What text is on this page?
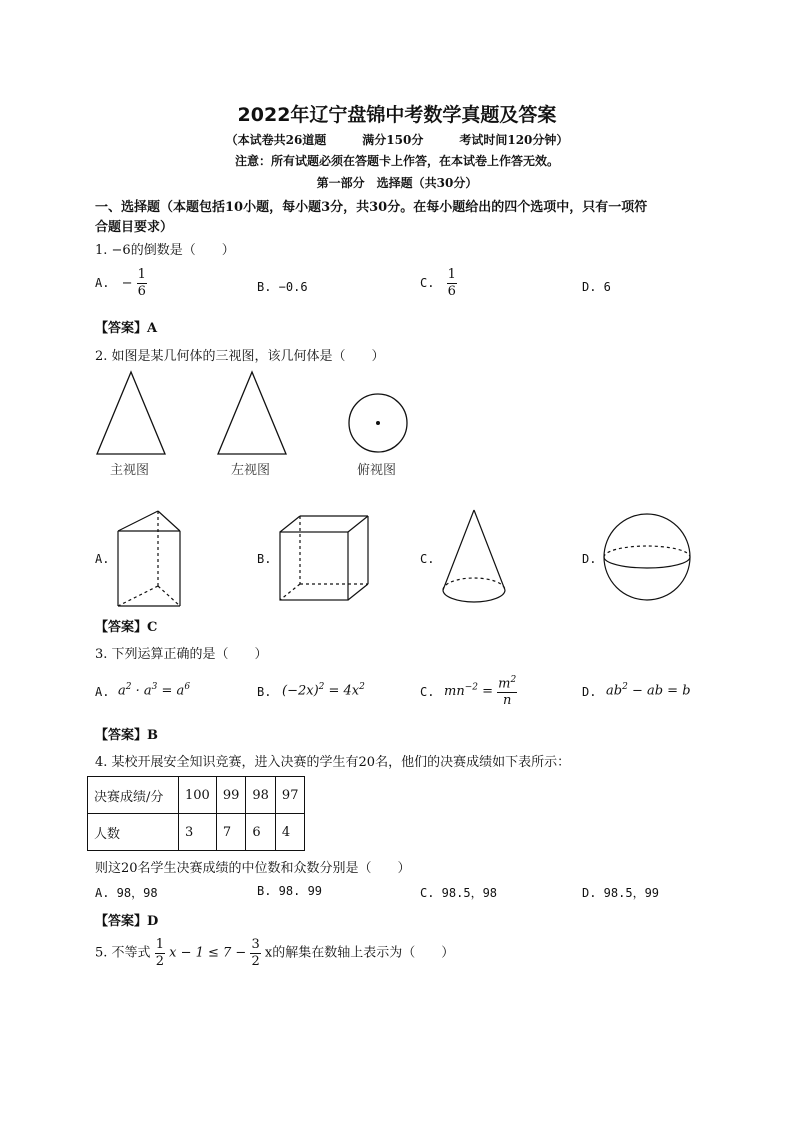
2022年辽宁盘锦中考数学真题及答案
（本试卷共26道题　　　满分150分　　　考试时间120分钟）
注意：所有试题必须在答题卡上作答，在本试卷上作答无效。
第一部分　选择题（共30分）
一、选择题（本题包括10小题，每小题3分，共30分。在每小题给出的四个选项中，只有一项符
合题目要求）
1. −6的倒数是（　　）
A. − $\frac{1}{6}$	B. −0.6	C. $\frac{1}{6}$	D. 6
【答案】A
2. 如图是某几何体的三视图，该几何体是（　　）
主视图	左视图	俯视图
A.	B.	C.	D.
【答案】C
3. 下列运算正确的是（　　）
A. $a^2 \cdot a^3 = a^6$	B. $(-2x)^2 = 4x^2$	C. $mn^{-2} = \frac{m^2}{n}$	D. $ab^2$ − ab = b
【答案】B
4. 某校开展安全知识竞赛，进入决赛的学生有20名，他们的决赛成绩如下表所示：
决赛成绩/分	100	99	98	97
人数	3	7	6	4
则这20名学生决赛成绩的中位数和众数分别是（　　）
A. 98，98	B. 98. 99	C. 98.5，98	D. 98.5，99
【答案】D
5. 不等式 $\frac{1}{2}$ $x - 1 \le 7 - \frac{3}{2}$ x的解集在数轴上表示为（　　）
